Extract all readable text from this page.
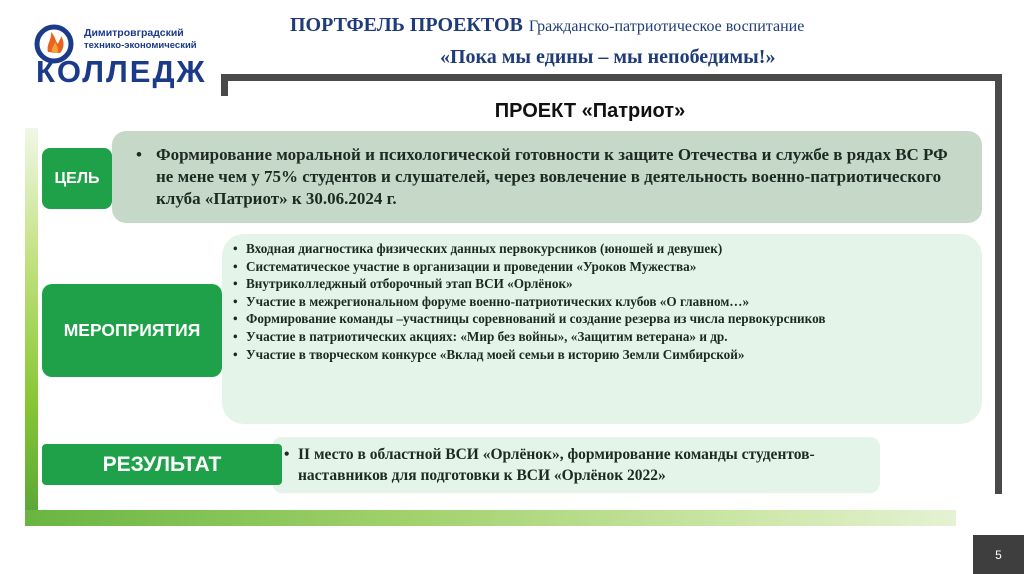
Димитровградский
технико-экономический
КОЛЛЕДЖ
ПОРТФЕЛЬ ПРОЕКТОВ Гражданско-патриотическое воспитание
«Пока мы едины – мы непобедимы!»
ПРОЕКТ «Патриот»
• Формирование моральной и психологической готовности к защите Отечества и службе в рядах ВС РФ не мене чем у 75% студентов и слушателей, через вовлечение в деятельность военно-патриотического клуба «Патриот» к 30.06.2024 г.
ЦЕЛЬ
• Входная диагностика физических данных первокурсников (юношей и девушек)
• Систематическое участие в организации и проведении «Уроков Мужества»
• Внутриколледжный отборочный этап ВСИ «Орлёнок»
• Участие в межрегиональном форуме военно-патриотических клубов «О главном…»
• Формирование команды –участницы соревнований и создание резерва из числа первокурсников
• Участие в патриотических акциях: «Мир без войны», «Защитим ветерана» и др.
• Участие в творческом конкурсе «Вклад моей семьи в историю Земли Симбирской»
МЕРОПРИЯТИЯ
• II место в областной ВСИ «Орлёнок», формирование команды студентов-наставников для подготовки к ВСИ «Орлёнок 2022»
РЕЗУЛЬТАТ
5
